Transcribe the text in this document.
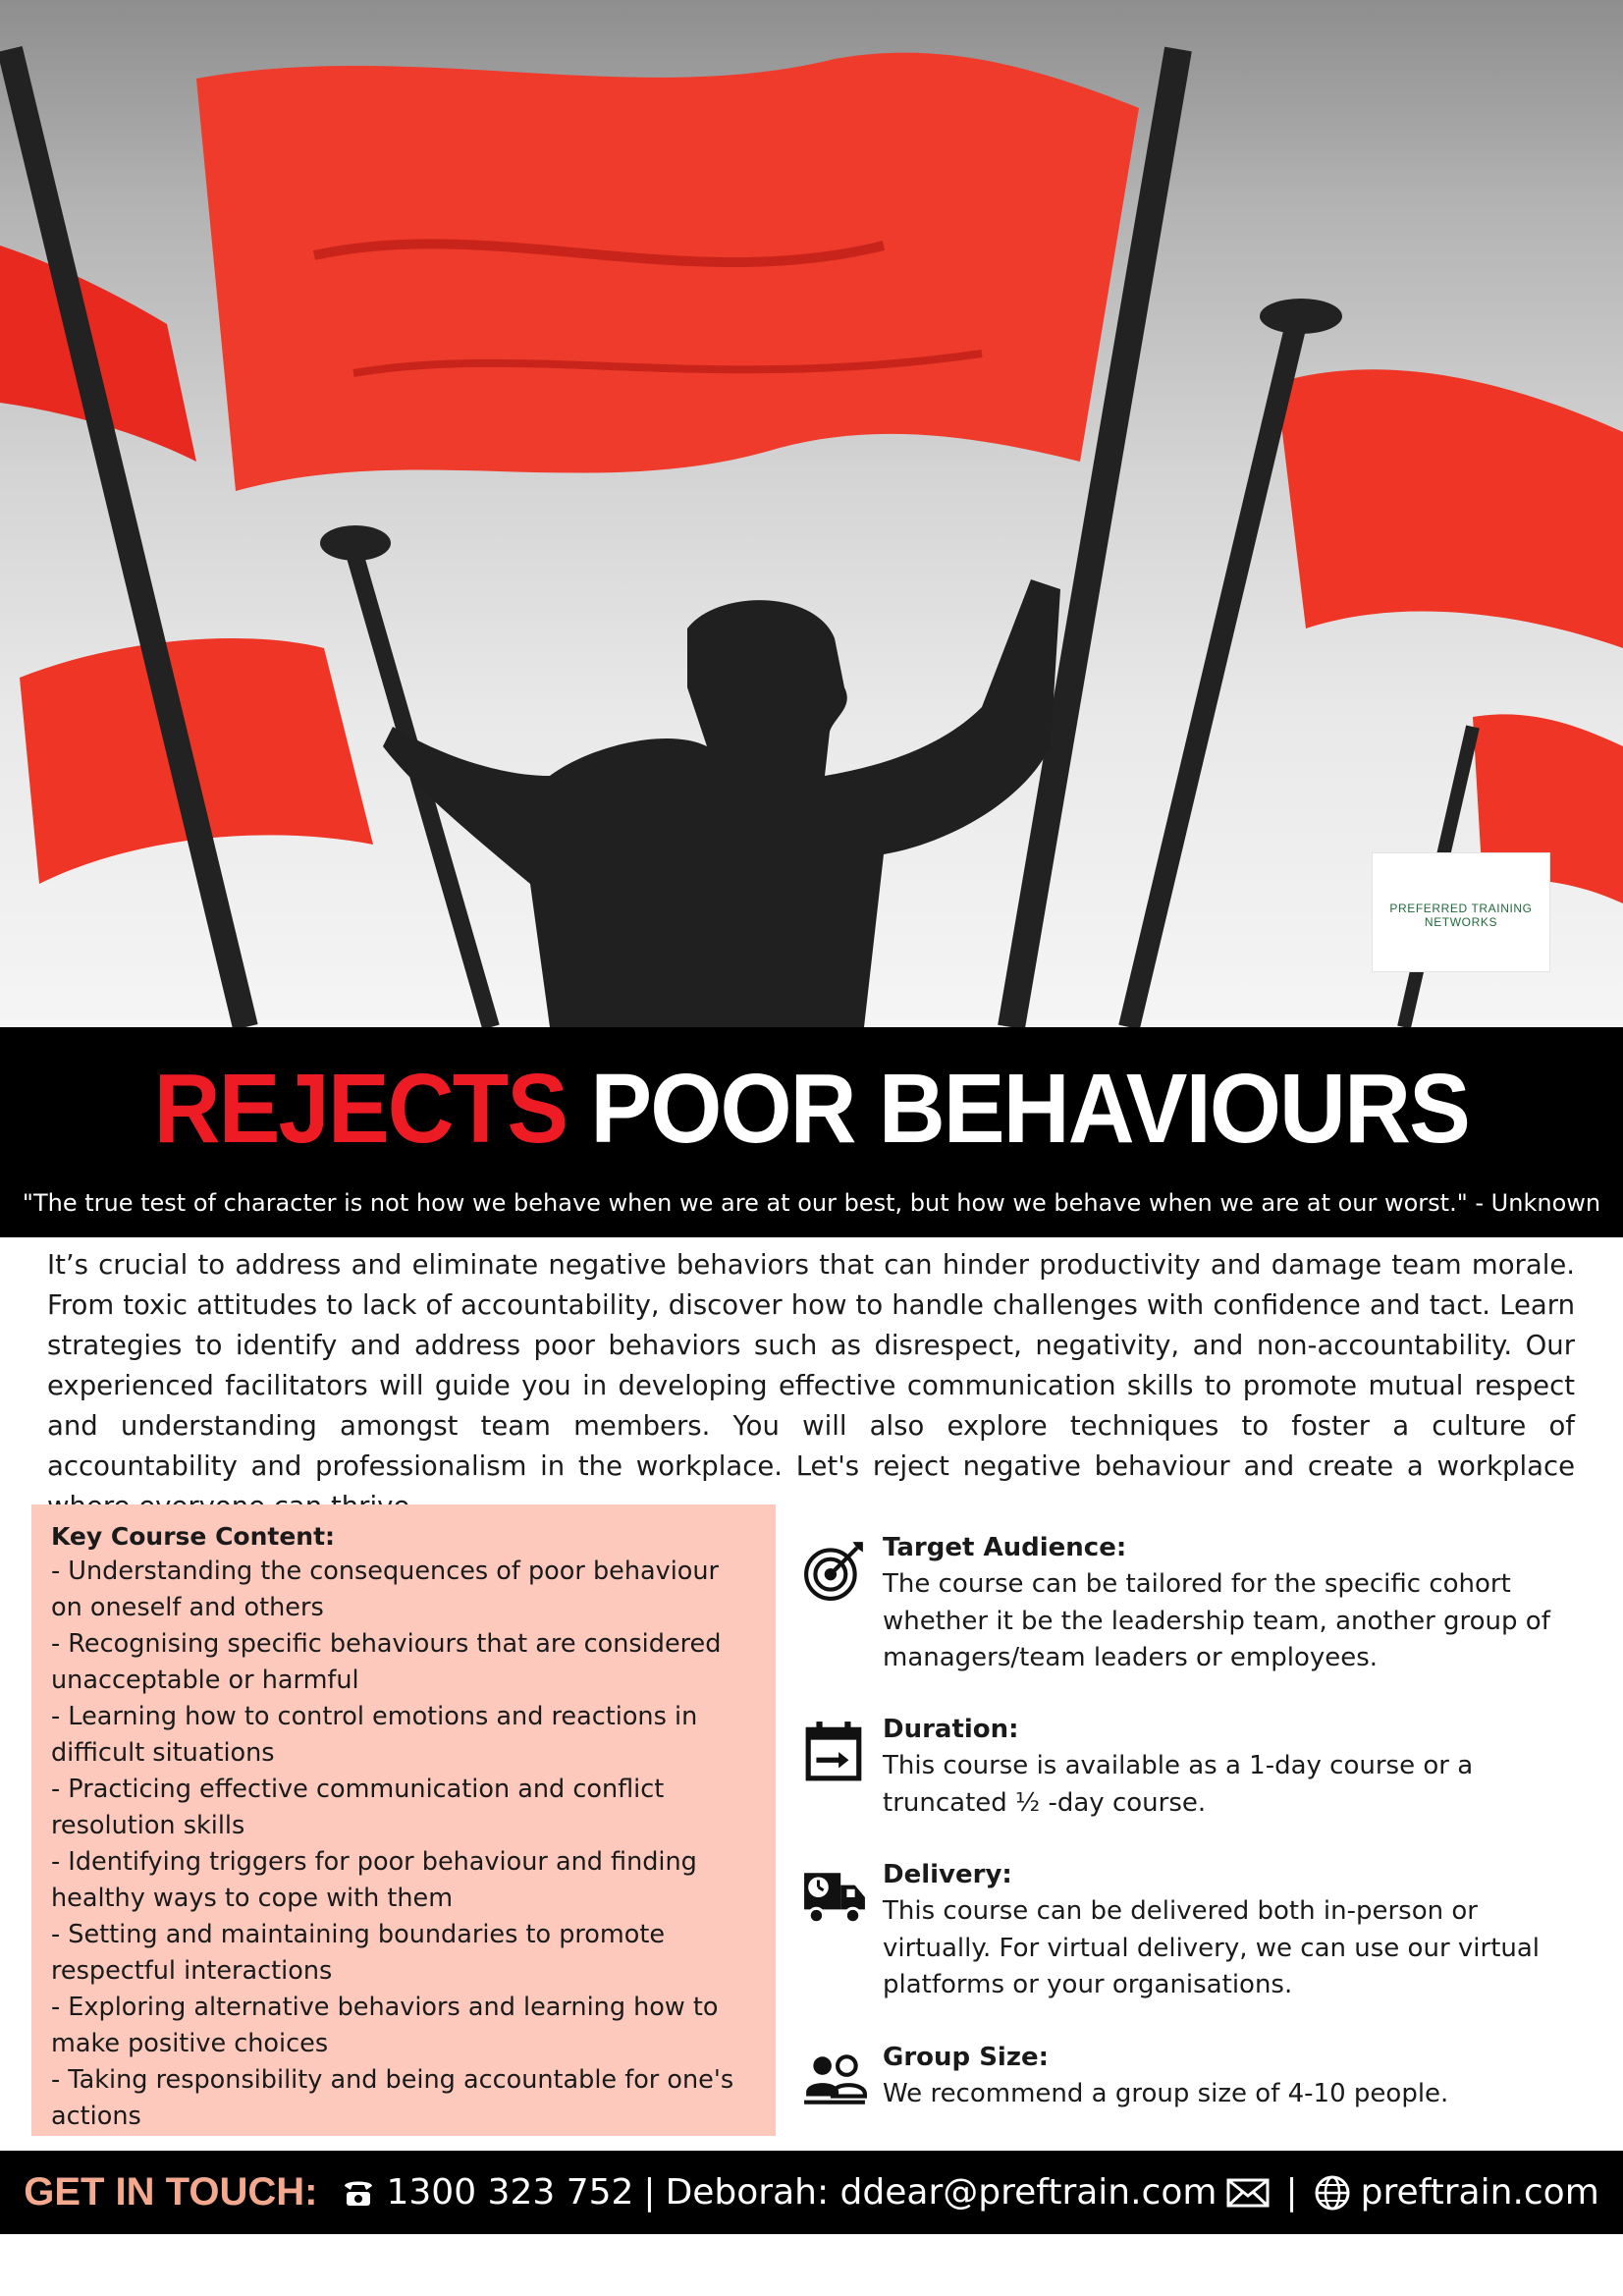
PREFERRED TRAINING NETWORKS
REJECTS POOR BEHAVIOURS
"The true test of character is not how we behave when we are at our best, but how we behave when we are at our worst." - Unknown

It’s crucial to address and eliminate negative behaviors that can hinder productivity and damage team morale. From toxic attitudes to lack of accountability, discover how to handle challenges with confidence and tact. Learn strategies to identify and address poor behaviors such as disrespect, negativity, and non-accountability. Our experienced facilitators will guide you in developing effective communication skills to promote mutual respect and understanding amongst team members. You will also explore techniques to foster a culture of accountability and professionalism in the workplace. Let's reject negative behaviour and create a workplace

Key Course Content:
- Understanding the consequences of poor behaviour on oneself and others
- Recognising specific behaviours that are considered unacceptable or harmful
- Learning how to control emotions and reactions in difficult situations
- Practicing effective communication and conflict resolution skills
- Identifying triggers for poor behaviour and finding healthy ways to cope with them
- Setting and maintaining boundaries to promote respectful interactions
- Exploring alternative behaviors and learning how to make positive choices
- Taking responsibility and being accountable for one's actions
Target Audience:
The course can be tailored for the specific cohort whether it be the leadership team, another group of managers/team leaders or employees.
Duration:
This course is available as a 1-day course or a truncated ½ -day course.
Delivery:
This course can be delivered both in-person or virtually. For virtual delivery, we can use our virtual platforms or your organisations.
Group Size:
We recommend a group size of 4-10 people.
GET IN TOUCH: 1300 323 752 | Deborah: ddear@preftrain.com | preftrain.com
